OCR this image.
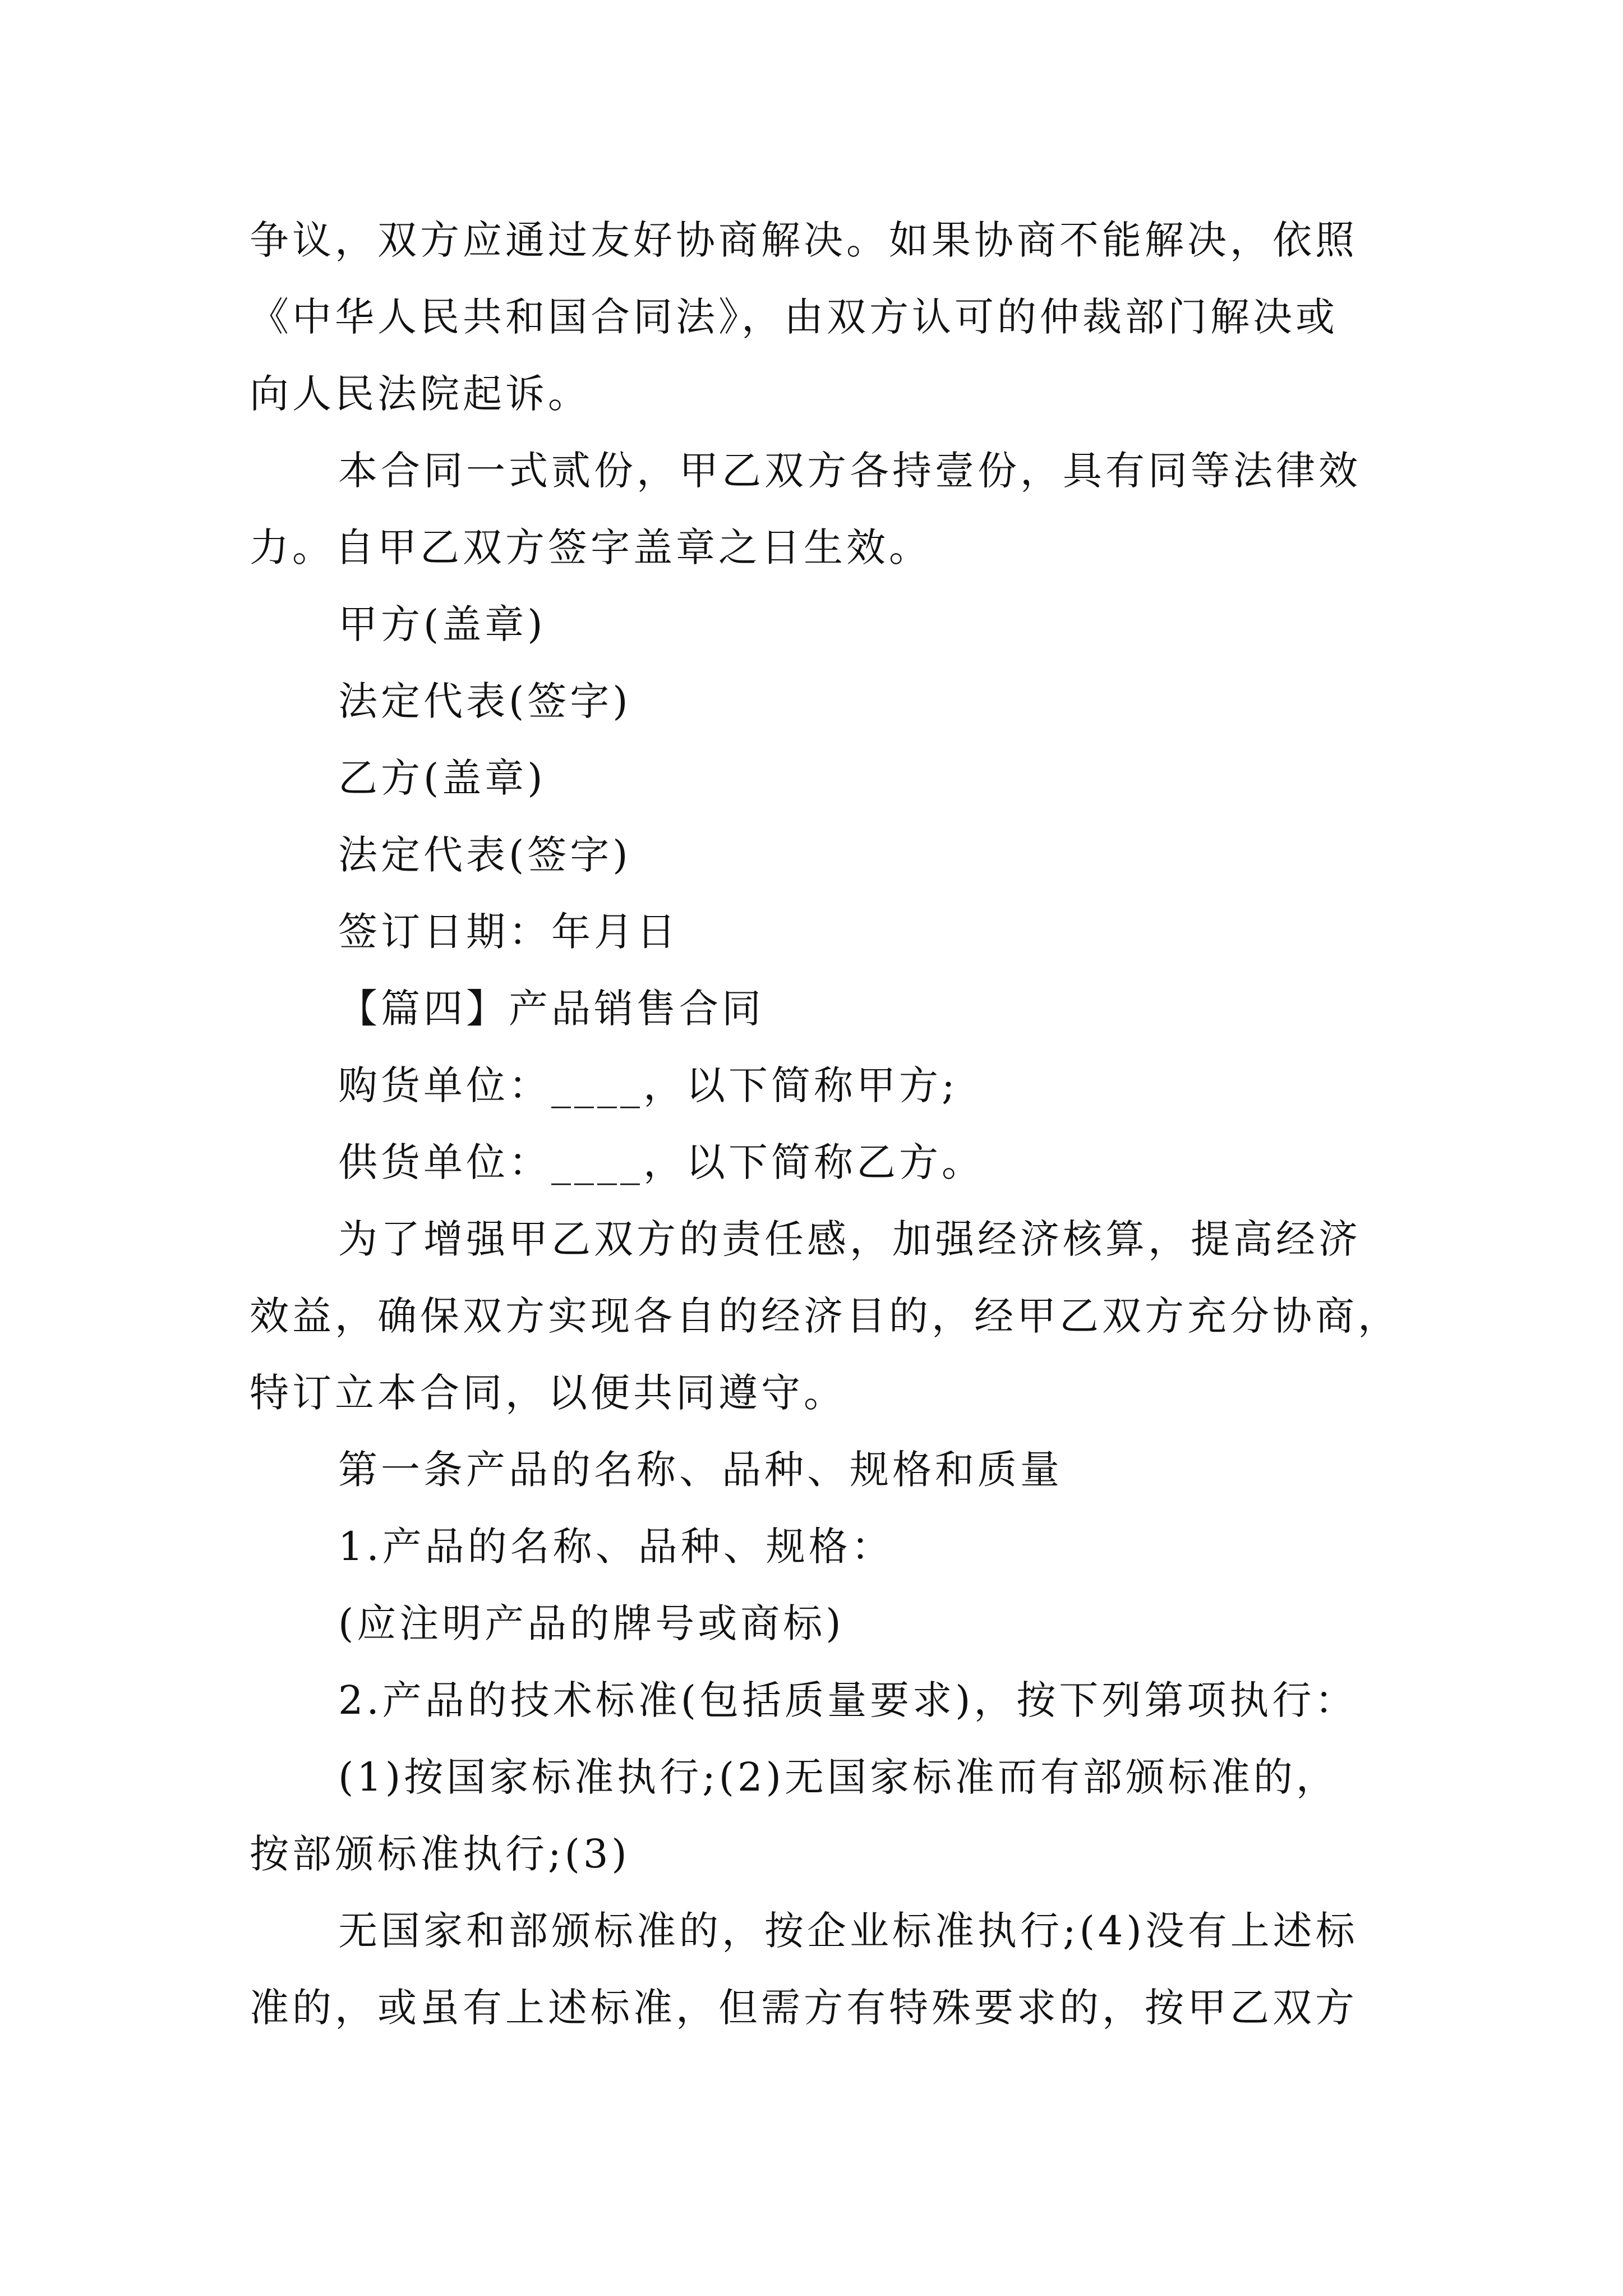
争议，双方应通过友好协商解决。如果协商不能解决，依照
《中华人民共和国合同法》，由双方认可的仲裁部门解决或
向人民法院起诉。
本合同一式贰份，甲乙双方各持壹份，具有同等法律效
力。自甲乙双方签字盖章之日生效。
甲方(盖章)
法定代表(签字)
乙方(盖章)
法定代表(签字)
签订日期：年月日
【篇四】产品销售合同
购货单位：____，以下简称甲方;
供货单位：____，以下简称乙方。
为了增强甲乙双方的责任感，加强经济核算，提高经济
效益，确保双方实现各自的经济目的，经甲乙双方充分协商，
特订立本合同，以便共同遵守。
第一条产品的名称、品种、规格和质量
1.产品的名称、品种、规格：
(应注明产品的牌号或商标)
2.产品的技术标准(包括质量要求)，按下列第项执行：
(1)按国家标准执行;(2)无国家标准而有部颁标准的，
按部颁标准执行;(3)
无国家和部颁标准的，按企业标准执行;(4)没有上述标
准的，或虽有上述标准，但需方有特殊要求的，按甲乙双方
